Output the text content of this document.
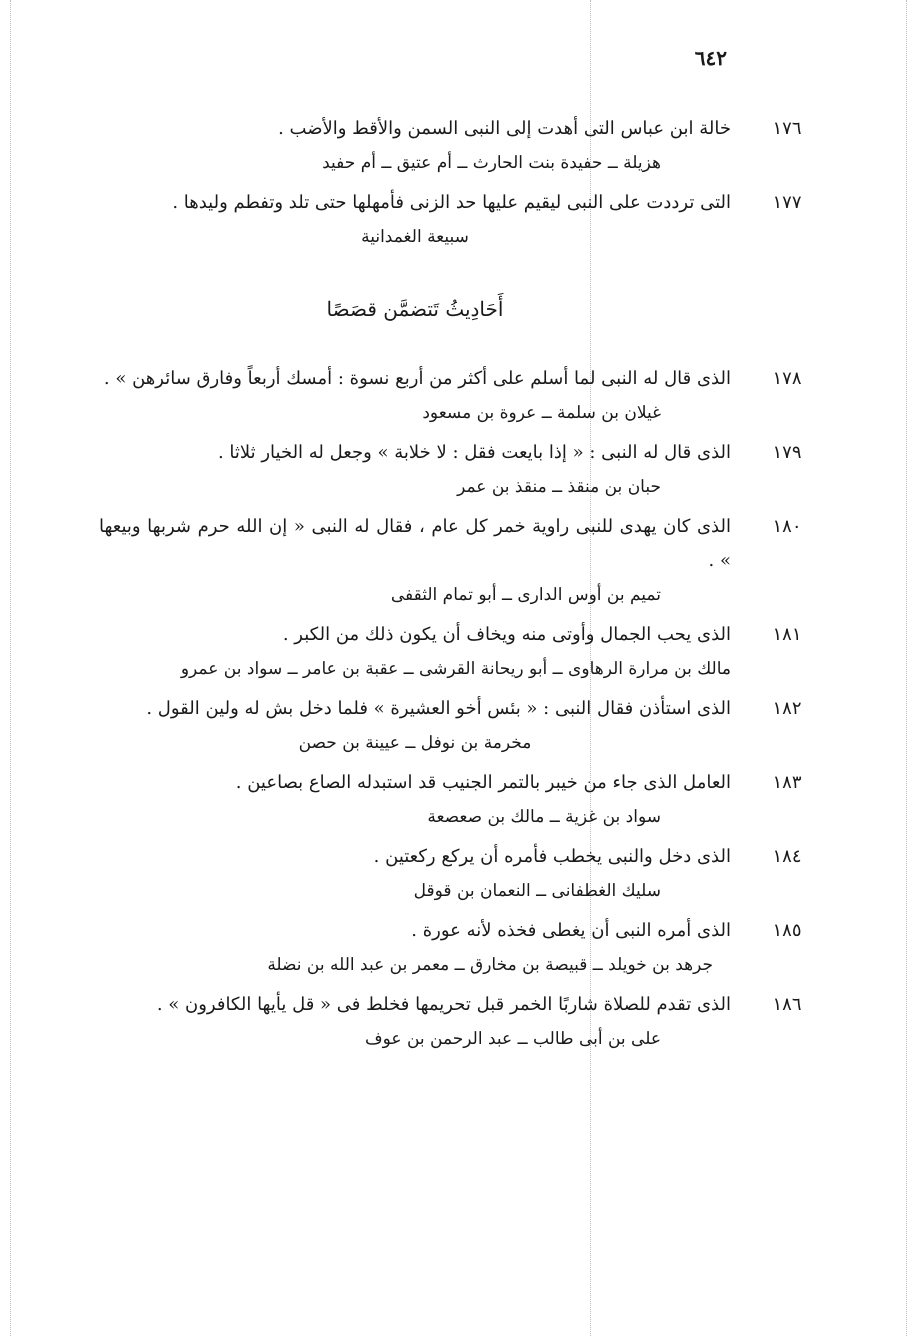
٦٤٢
١٧٦

خالة ابن عباس التى أهدت إلى النبى السمن والأقط والأضب .

هزيلة ــ حفيدة بنت الحارث ــ أم عتيق ــ أم حفيد

١٧٧

التى ترددت على النبى ليقيم عليها حد الزنى فأمهلها حتى تلد وتفطم وليدها .

سبيعة الغمدانية

أَحَادِيثُ تَتضمَّن قصَصًا
١٧٨

الذى قال له النبى لما أسلم على أكثر من أربع نسوة : أمسك أربعاً وفارق سائرهن » .

غيلان بن سلمة ــ عروة بن مسعود

١٧٩

الذى قال له النبى : « إذا بايعت فقل : لا خلابة » وجعل له الخيار ثلاثا .

حبان بن منقذ ــ منقذ بن عمر

١٨٠

الذى كان يهدى للنبى راوية خمر كل عام ، فقال له النبى « إن الله حرم شربها وبيعها » .

تميم بن أوس الدارى ــ أبو تمام الثقفى

١٨١

الذى يحب الجمال وأوتى منه ويخاف أن يكون ذلك من الكبر .

مالك بن مرارة الرهاوى ــ أبو ريحانة القرشى ــ عقبة بن عامر ــ سواد بن عمرو

١٨٢

الذى استأذن فقال النبى : « بئس أخو العشيرة » فلما دخل بش له ولين القول .

مخرمة بن نوفل ــ عيينة بن حصن

١٨٣

العامل الذى جاء من خيبر بالتمر الجنيب قد استبدله الصاع بصاعين .

سواد بن غزية ــ مالك بن صعصعة

١٨٤

الذى دخل والنبى يخطب فأمره أن يركع ركعتين .

سليك الغطفانى ــ النعمان بن قوقل

١٨٥

الذى أمره النبى أن يغطى فخذه لأنه عورة .

جرهد بن خويلد ــ قبيصة بن مخارق ــ معمر بن عبد الله بن نضلة

١٨٦

الذى تقدم للصلاة شاربًا الخمر قبل تحريمها فخلط فى « قل يأيها الكافرون » .

على بن أبى طالب ــ عبد الرحمن بن عوف
